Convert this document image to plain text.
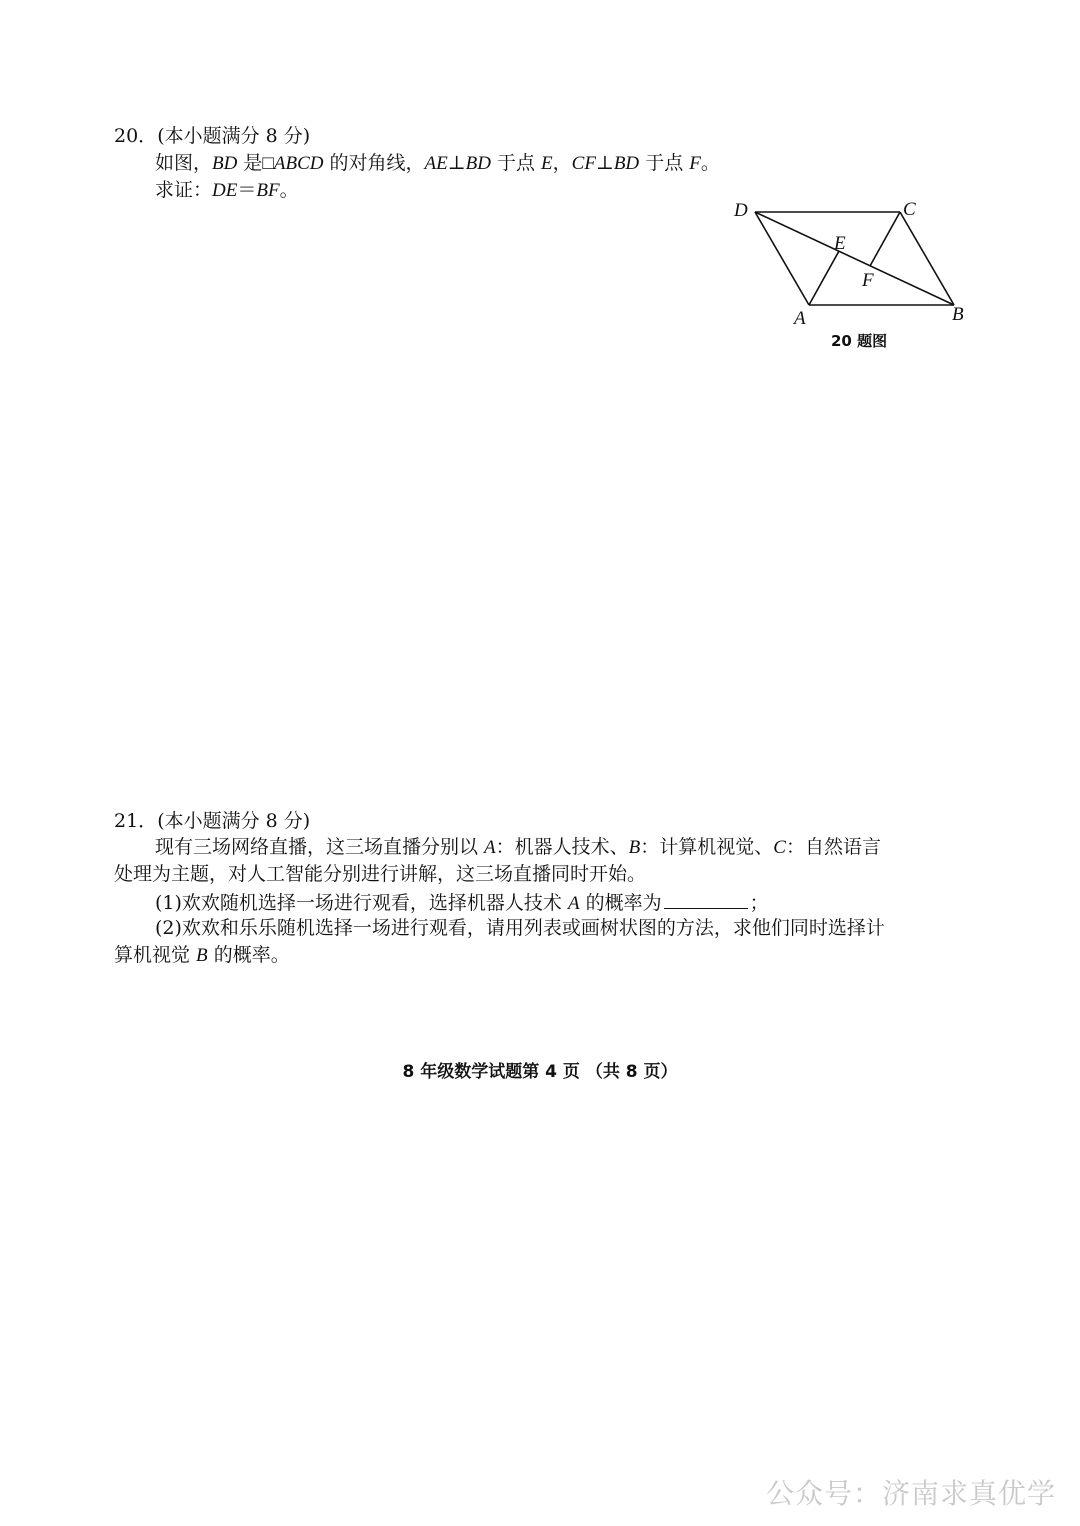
20．(本小题满分 8 分)
如图，BD 是□ABCD 的对角线，AE⊥BD 于点 E，CF⊥BD 于点 F。
求证：DE＝BF。
D	C
E
F
A	B
20 题图
21．(本小题满分 8 分)
现有三场网络直播，这三场直播分别以 A：机器人技术、B：计算机视觉、C：自然语言
处理为主题，对人工智能分别进行讲解，这三场直播同时开始。
(1)欢欢随机选择一场进行观看，选择机器人技术 A 的概率为	；
(2)欢欢和乐乐随机选择一场进行观看，请用列表或画树状图的方法，求他们同时选择计
算机视觉 B 的概率。
8 年级数学试题第 4 页 （共 8 页）
公众号：济南求真优学
